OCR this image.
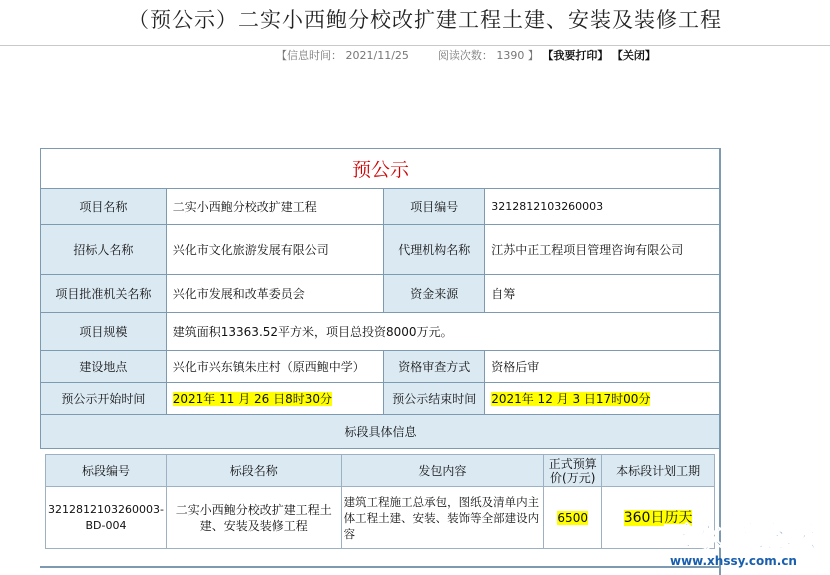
（预公示）二实小西鲍分校改扩建工程土建、安装及装修工程
【信息时间： 2021/11/25	阅读次数： 1390 】 【我要打印】 【关闭】
预公示			
项目名称	二实小西鲍分校改扩建工程	项目编号	3212812103260003
招标人名称	兴化市文化旅游发展有限公司	代理机构名称	江苏中正工程项目管理咨询有限公司
项目批准机关名称	兴化市发展和改革委员会	资金来源	自筹
项目规模	建筑面积13363.52平方米，项目总投资8000万元。		
建设地点	兴化市兴东镇朱庄村（原西鲍中学）	资格审查方式	资格后审
预公示开始时间	2021年 11 月 26 日8时30分	预公示结束时间	2021年 12 月 3 日17时00分
标段具体信息			
标段编号	标段名称	发包内容	正式预算价(万元)	本标段计划工期
3212812103260003-BD-004	二实小西鲍分校改扩建工程土建、安装及装修工程	建筑工程施工总承包，图纸及清单内主体工程土建、安装、装饰等全部建设内容	6500	360日历天
三水园论坛
www.xhssy.com.cn
